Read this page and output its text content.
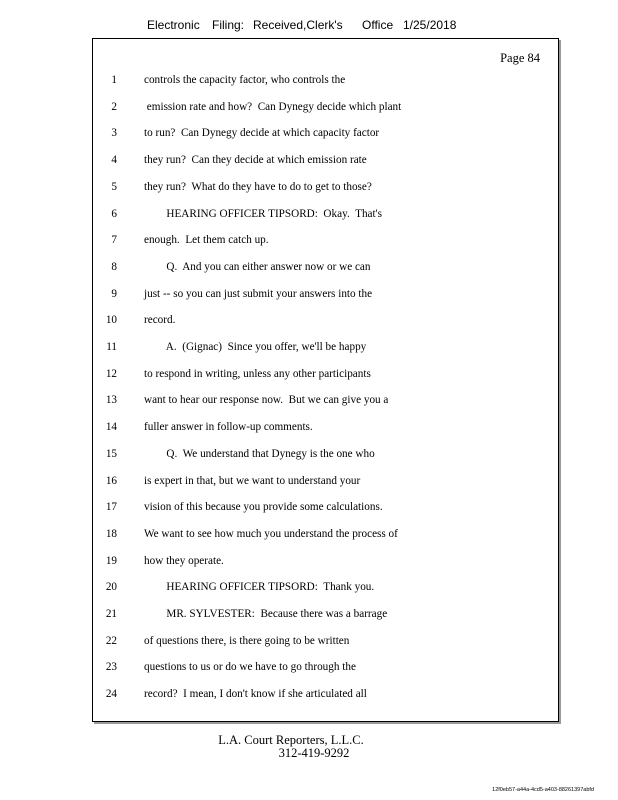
Electronic Filing: Received,Clerk's Office 1/25/2018
Page 84
1 controls the capacity factor, who controls the
2 emission rate and how?  Can Dynegy decide which plant
3 to run?  Can Dynegy decide at which capacity factor
4 they run?  Can they decide at which emission rate
5 they run?  What do they have to do to get to those?
6 HEARING OFFICER TIPSORD:  Okay.  That's
7 enough.  Let them catch up.
8 Q.  And you can either answer now or we can
9 just -- so you can just submit your answers into the
10 record.
11 A.  (Gignac)  Since you offer, we'll be happy
12 to respond in writing, unless any other participants
13 want to hear our response now.  But we can give you a
14 fuller answer in follow-up comments.
15 Q.  We understand that Dynegy is the one who
16 is expert in that, but we want to understand your
17 vision of this because you provide some calculations.
18 We want to see how much you understand the process of
19 how they operate.
20 HEARING OFFICER TIPSORD:  Thank you.
21 MR. SYLVESTER:  Because there was a barrage
22 of questions there, is there going to be written
23 questions to us or do we have to go through the
24 record?  I mean, I don't know if she articulated all
L.A. Court Reporters, L.L.C.
312-419-9292
12f0eb57-a44a-4cd5-a403-88261397abfd
